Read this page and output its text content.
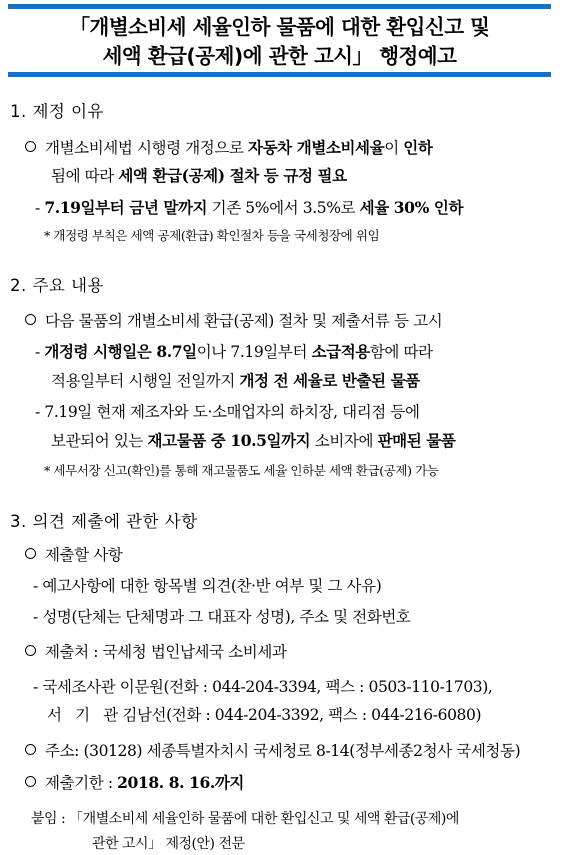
「개별소비세 세율인하 물품에 대한 환입신고 및
세액 환급(공제)에 관한 고시」 행정예고
1. 제정 이유
개별소비세법 시행령 개정으로 자동차 개별소비세율이 인하
됨에 따라 세액 환급(공제) 절차 등 규정 필요
- 7.19일부터 금년 말까지 기존 5%에서 3.5%로 세율 30% 인하
* 개정령 부칙은 세액 공제(환급) 확인절차 등을 국세청장에 위임
2. 주요 내용
다음 물품의 개별소비세 환급(공제) 절차 및 제출서류 등 고시
- 개정령 시행일은 8.7일이나 7.19일부터 소급적용함에 따라
적용일부터 시행일 전일까지 개정 전 세율로 반출된 물품
- 7.19일 현재 제조자와 도·소매업자의 하치장, 대리점 등에
보관되어 있는 재고물품 중 10.5일까지 소비자에 판매된 물품
* 세무서장 신고(확인)를 통해 재고물품도 세율 인하분 세액 환급(공제) 가능
3. 의견 제출에 관한 사항
제출할 사항
- 예고사항에 대한 항목별 의견(찬·반 여부 및 그 사유)
- 성명(단체는 단체명과 그 대표자 성명), 주소 및 전화번호
제출처 : 국세청 법인납세국 소비세과
- 국세조사관 이문원(전화 : 044-204-3394, 팩스 : 0503-110-1703),
서   기   관 김남선(전화 : 044-204-3392, 팩스 : 044-216-6080)
주소: (30128) 세종특별자치시 국세청로 8-14(정부세종2청사 국세청동)
제출기한 : 2018. 8. 16.까지
붙임 : 「개별소비세 세율인하 물품에 대한 환입신고 및 세액 환급(공제)에
관한 고시」 제정(안) 전문
